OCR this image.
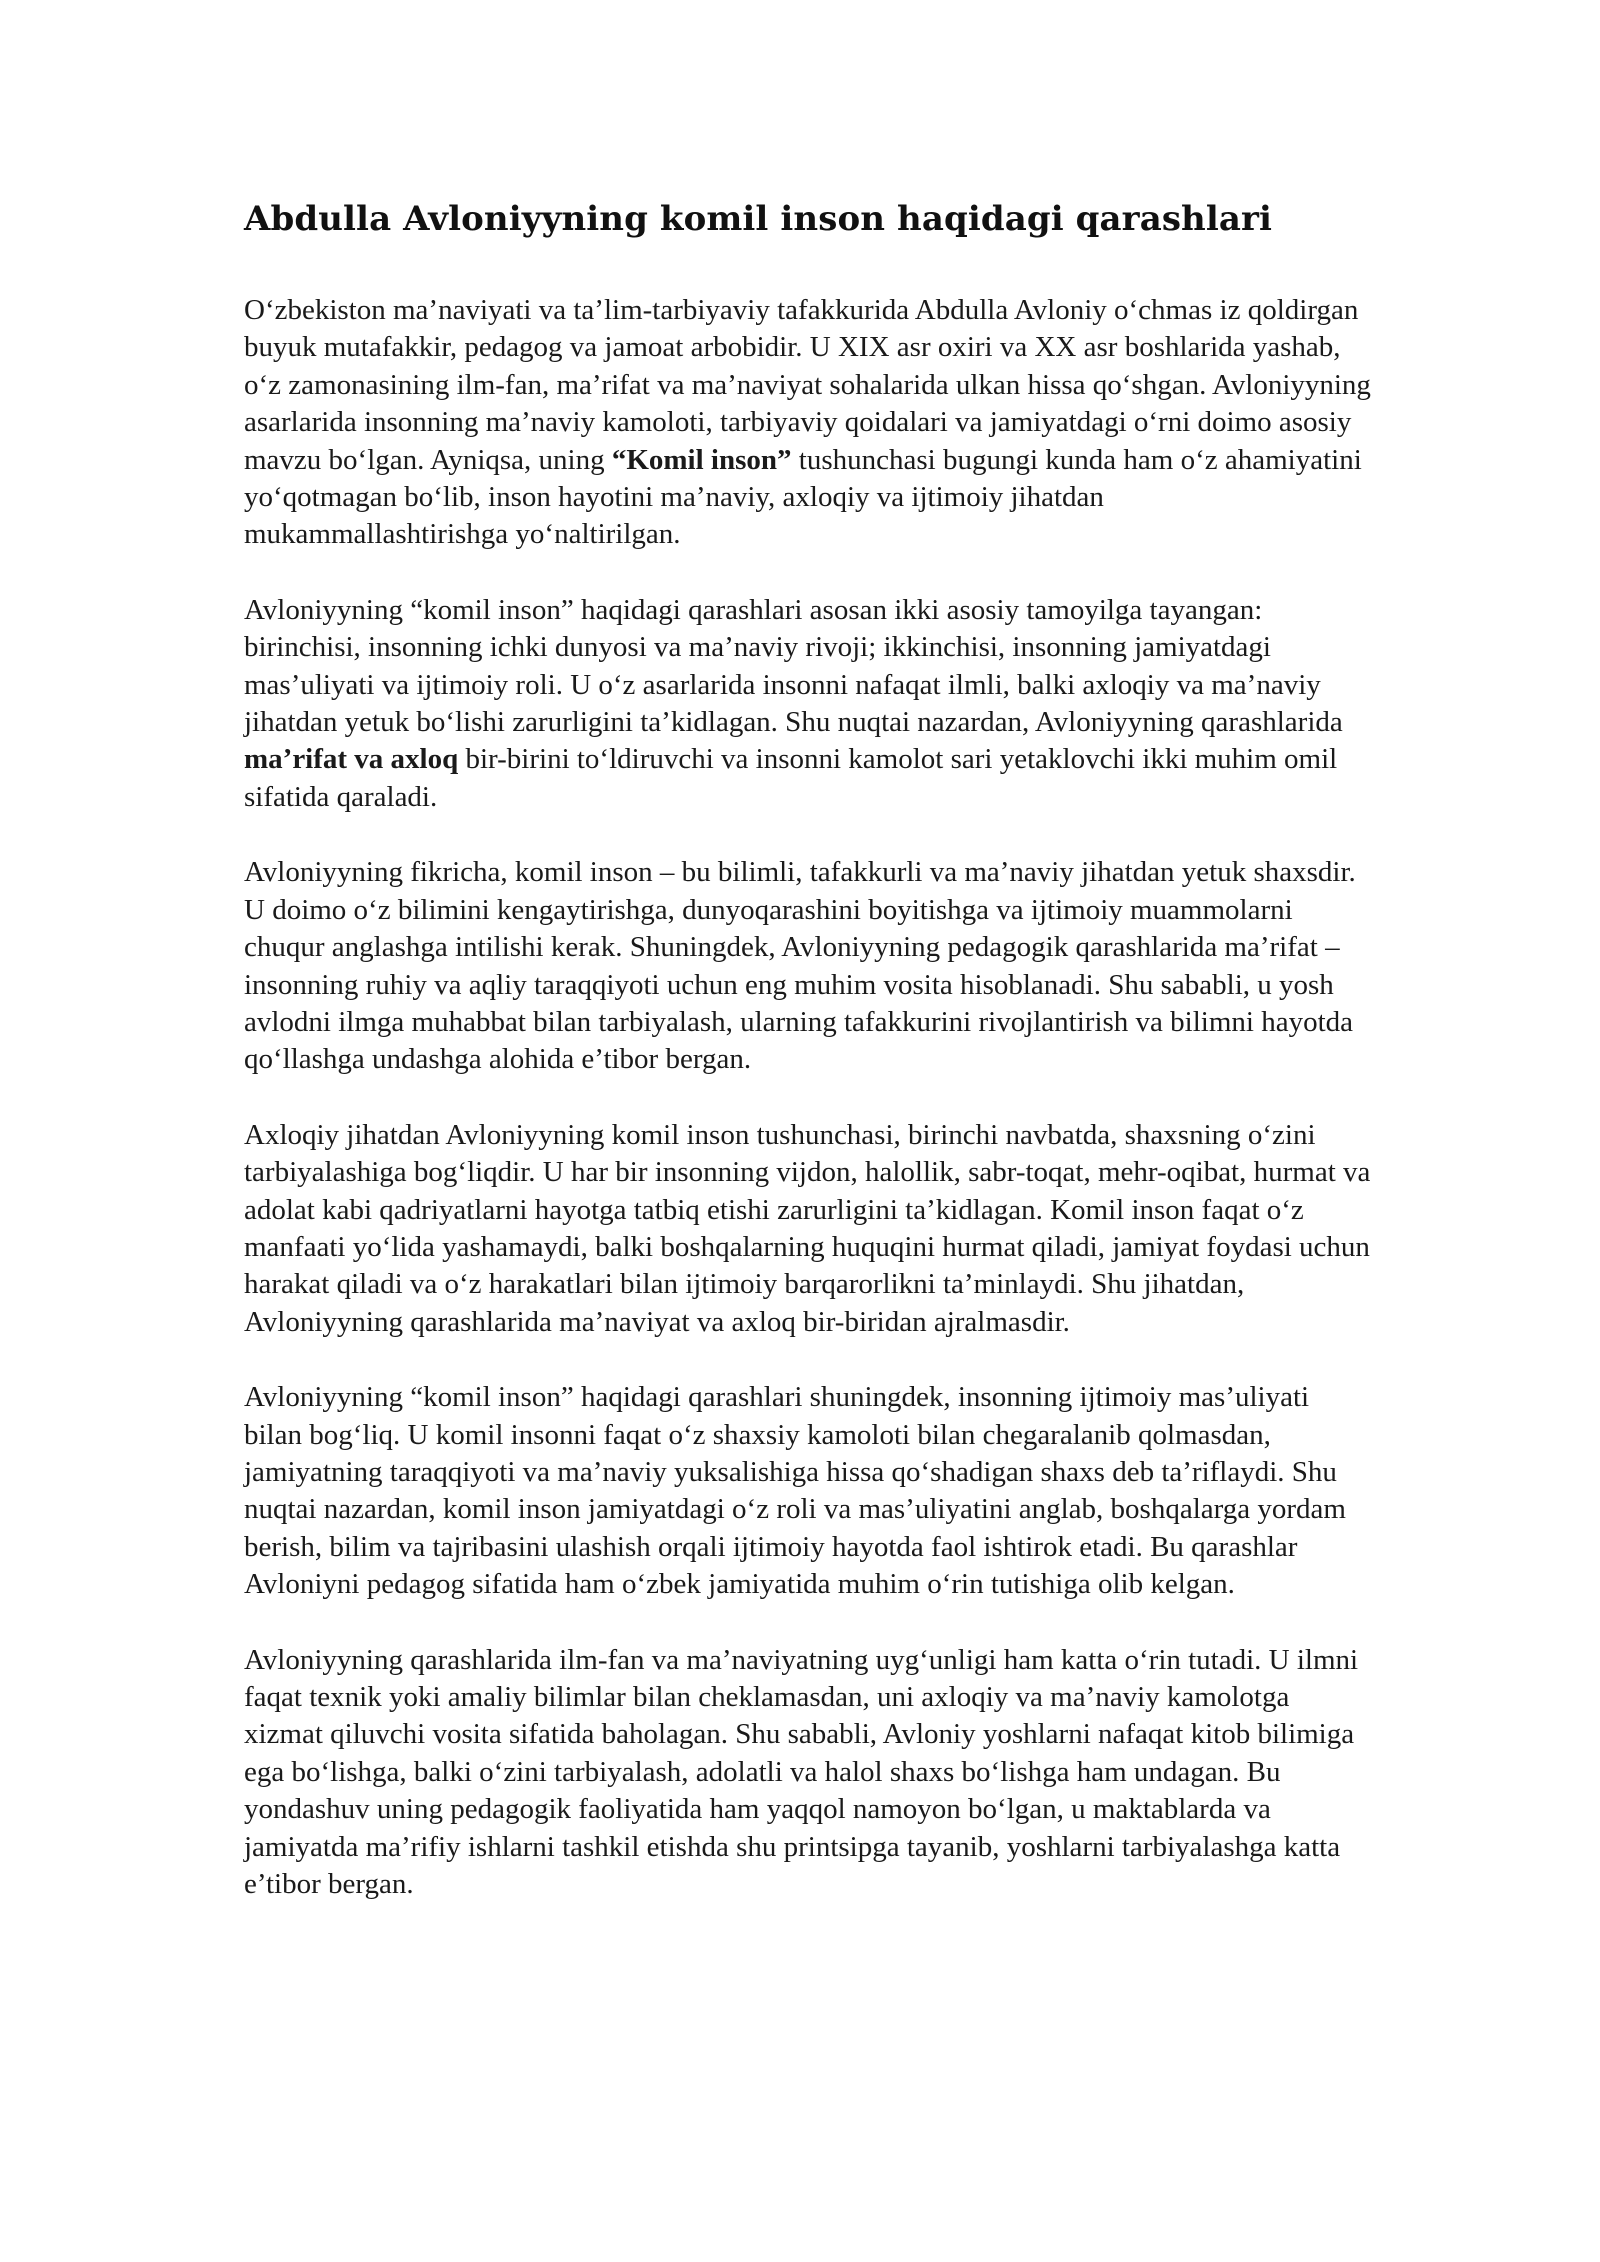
Abdulla Avloniyyning komil inson haqidagi qarashlari

O‘zbekiston ma’naviyati va ta’lim-tarbiyaviy tafakkurida Abdulla Avloniy o‘chmas iz qoldirgan buyuk mutafakkir, pedagog va jamoat arbobidir. U XIX asr oxiri va XX asr boshlarida yashab, o‘z zamonasining ilm-fan, ma’rifat va ma’naviyat sohalarida ulkan hissa qo‘shgan. Avloniyyning asarlarida insonning ma’naviy kamoloti, tarbiyaviy qoidalari va jamiyatdagi o‘rni doimo asosiy mavzu bo‘lgan. Ayniqsa, uning “Komil inson” tushunchasi bugungi kunda ham o‘z ahamiyatini yo‘qotmagan bo‘lib, inson hayotini ma’naviy, axloqiy va ijtimoiy jihatdan mukammallashtirishga yo‘naltirilgan.

Avloniyyning “komil inson” haqidagi qarashlari asosan ikki asosiy tamoyilga tayangan: birinchisi, insonning ichki dunyosi va ma’naviy rivoji; ikkinchisi, insonning jamiyatdagi mas’uliyati va ijtimoiy roli. U o‘z asarlarida insonni nafaqat ilmli, balki axloqiy va ma’naviy jihatdan yetuk bo‘lishi zarurligini ta’kidlagan. Shu nuqtai nazardan, Avloniyyning qarashlarida ma’rifat va axloq bir-birini to‘ldiruvchi va insonni kamolot sari yetaklovchi ikki muhim omil sifatida qaraladi.

Avloniyyning fikricha, komil inson – bu bilimli, tafakkurli va ma’naviy jihatdan yetuk shaxsdir. U doimo o‘z bilimini kengaytirishga, dunyoqarashini boyitishga va ijtimoiy muammolarni chuqur anglashga intilishi kerak. Shuningdek, Avloniyyning pedagogik qarashlarida ma’rifat – insonning ruhiy va aqliy taraqqiyoti uchun eng muhim vosita hisoblanadi. Shu sababli, u yosh avlodni ilmga muhabbat bilan tarbiyalash, ularning tafakkurini rivojlantirish va bilimni hayotda qo‘llashga undashga alohida e’tibor bergan.

Axloqiy jihatdan Avloniyyning komil inson tushunchasi, birinchi navbatda, shaxsning o‘zini tarbiyalashiga bog‘liqdir. U har bir insonning vijdon, halollik, sabr-toqat, mehr-oqibat, hurmat va adolat kabi qadriyatlarni hayotga tatbiq etishi zarurligini ta’kidlagan. Komil inson faqat o‘z manfaati yo‘lida yashamaydi, balki boshqalarning huquqini hurmat qiladi, jamiyat foydasi uchun harakat qiladi va o‘z harakatlari bilan ijtimoiy barqarorlikni ta’minlaydi. Shu jihatdan, Avloniyyning qarashlarida ma’naviyat va axloq bir-biridan ajralmasdir.

Avloniyyning “komil inson” haqidagi qarashlari shuningdek, insonning ijtimoiy mas’uliyati bilan bog‘liq. U komil insonni faqat o‘z shaxsiy kamoloti bilan chegaralanib qolmasdan, jamiyatning taraqqiyoti va ma’naviy yuksalishiga hissa qo‘shadigan shaxs deb ta’riflaydi. Shu nuqtai nazardan, komil inson jamiyatdagi o‘z roli va mas’uliyatini anglab, boshqalarga yordam berish, bilim va tajribasini ulashish orqali ijtimoiy hayotda faol ishtirok etadi. Bu qarashlar Avloniyni pedagog sifatida ham o‘zbek jamiyatida muhim o‘rin tutishiga olib kelgan.

Avloniyyning qarashlarida ilm-fan va ma’naviyatning uyg‘unligi ham katta o‘rin tutadi. U ilmni faqat texnik yoki amaliy bilimlar bilan cheklamasdan, uni axloqiy va ma’naviy kamolotga xizmat qiluvchi vosita sifatida baholagan. Shu sababli, Avloniy yoshlarni nafaqat kitob bilimiga ega bo‘lishga, balki o‘zini tarbiyalash, adolatli va halol shaxs bo‘lishga ham undagan. Bu yondashuv uning pedagogik faoliyatida ham yaqqol namoyon bo‘lgan, u maktablarda va jamiyatda ma’rifiy ishlarni tashkil etishda shu printsipga tayanib, yoshlarni tarbiyalashga katta e’tibor bergan.
